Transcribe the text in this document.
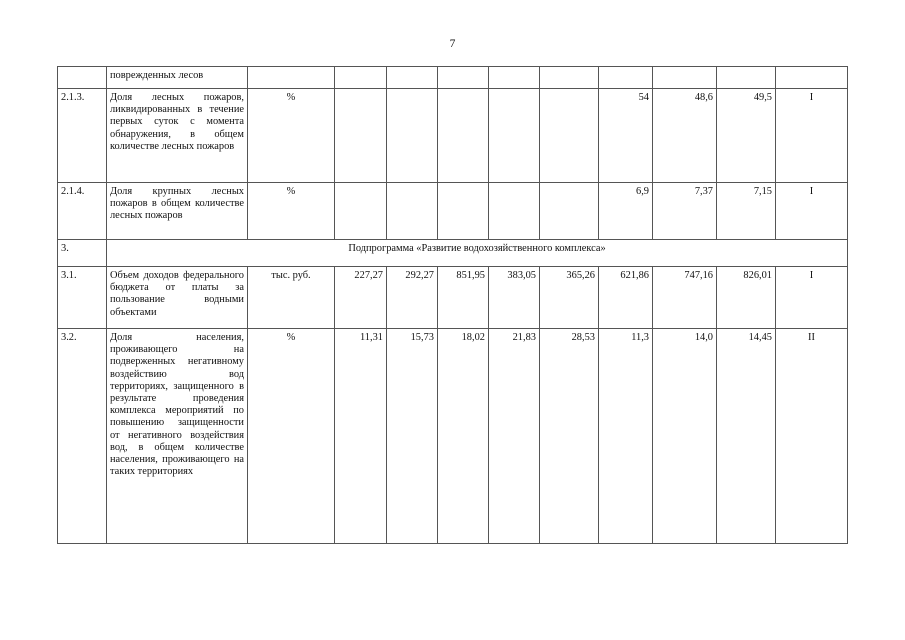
7
	поврежденных лесов										
2.1.3.	Доля лесных пожаров, ликвидированных в течение первых суток с момента обнаружения, в общем количестве лесных пожаров	%						54	48,6	49,5	I
2.1.4.	Доля крупных лесных пожаров в общем количестве лесных пожаров	%						6,9	7,37	7,15	I
3.	Подпрограмма «Развитие водохозяйственного комплекса»										
3.1.	Объем доходов федерального бюджета от платы за пользование водными объектами	тыс. руб.	227,27	292,27	851,95	383,05	365,26	621,86	747,16	826,01	I
3.2.	Доля населения, проживающего на подверженных негативному воздействию вод территориях, защищенного в результате проведения комплекса мероприятий по повышению защищенности от негативного воздействия вод, в общем количестве населения, проживающего на таких территориях	%	11,31	15,73	18,02	21,83	28,53	11,3	14,0	14,45	II
